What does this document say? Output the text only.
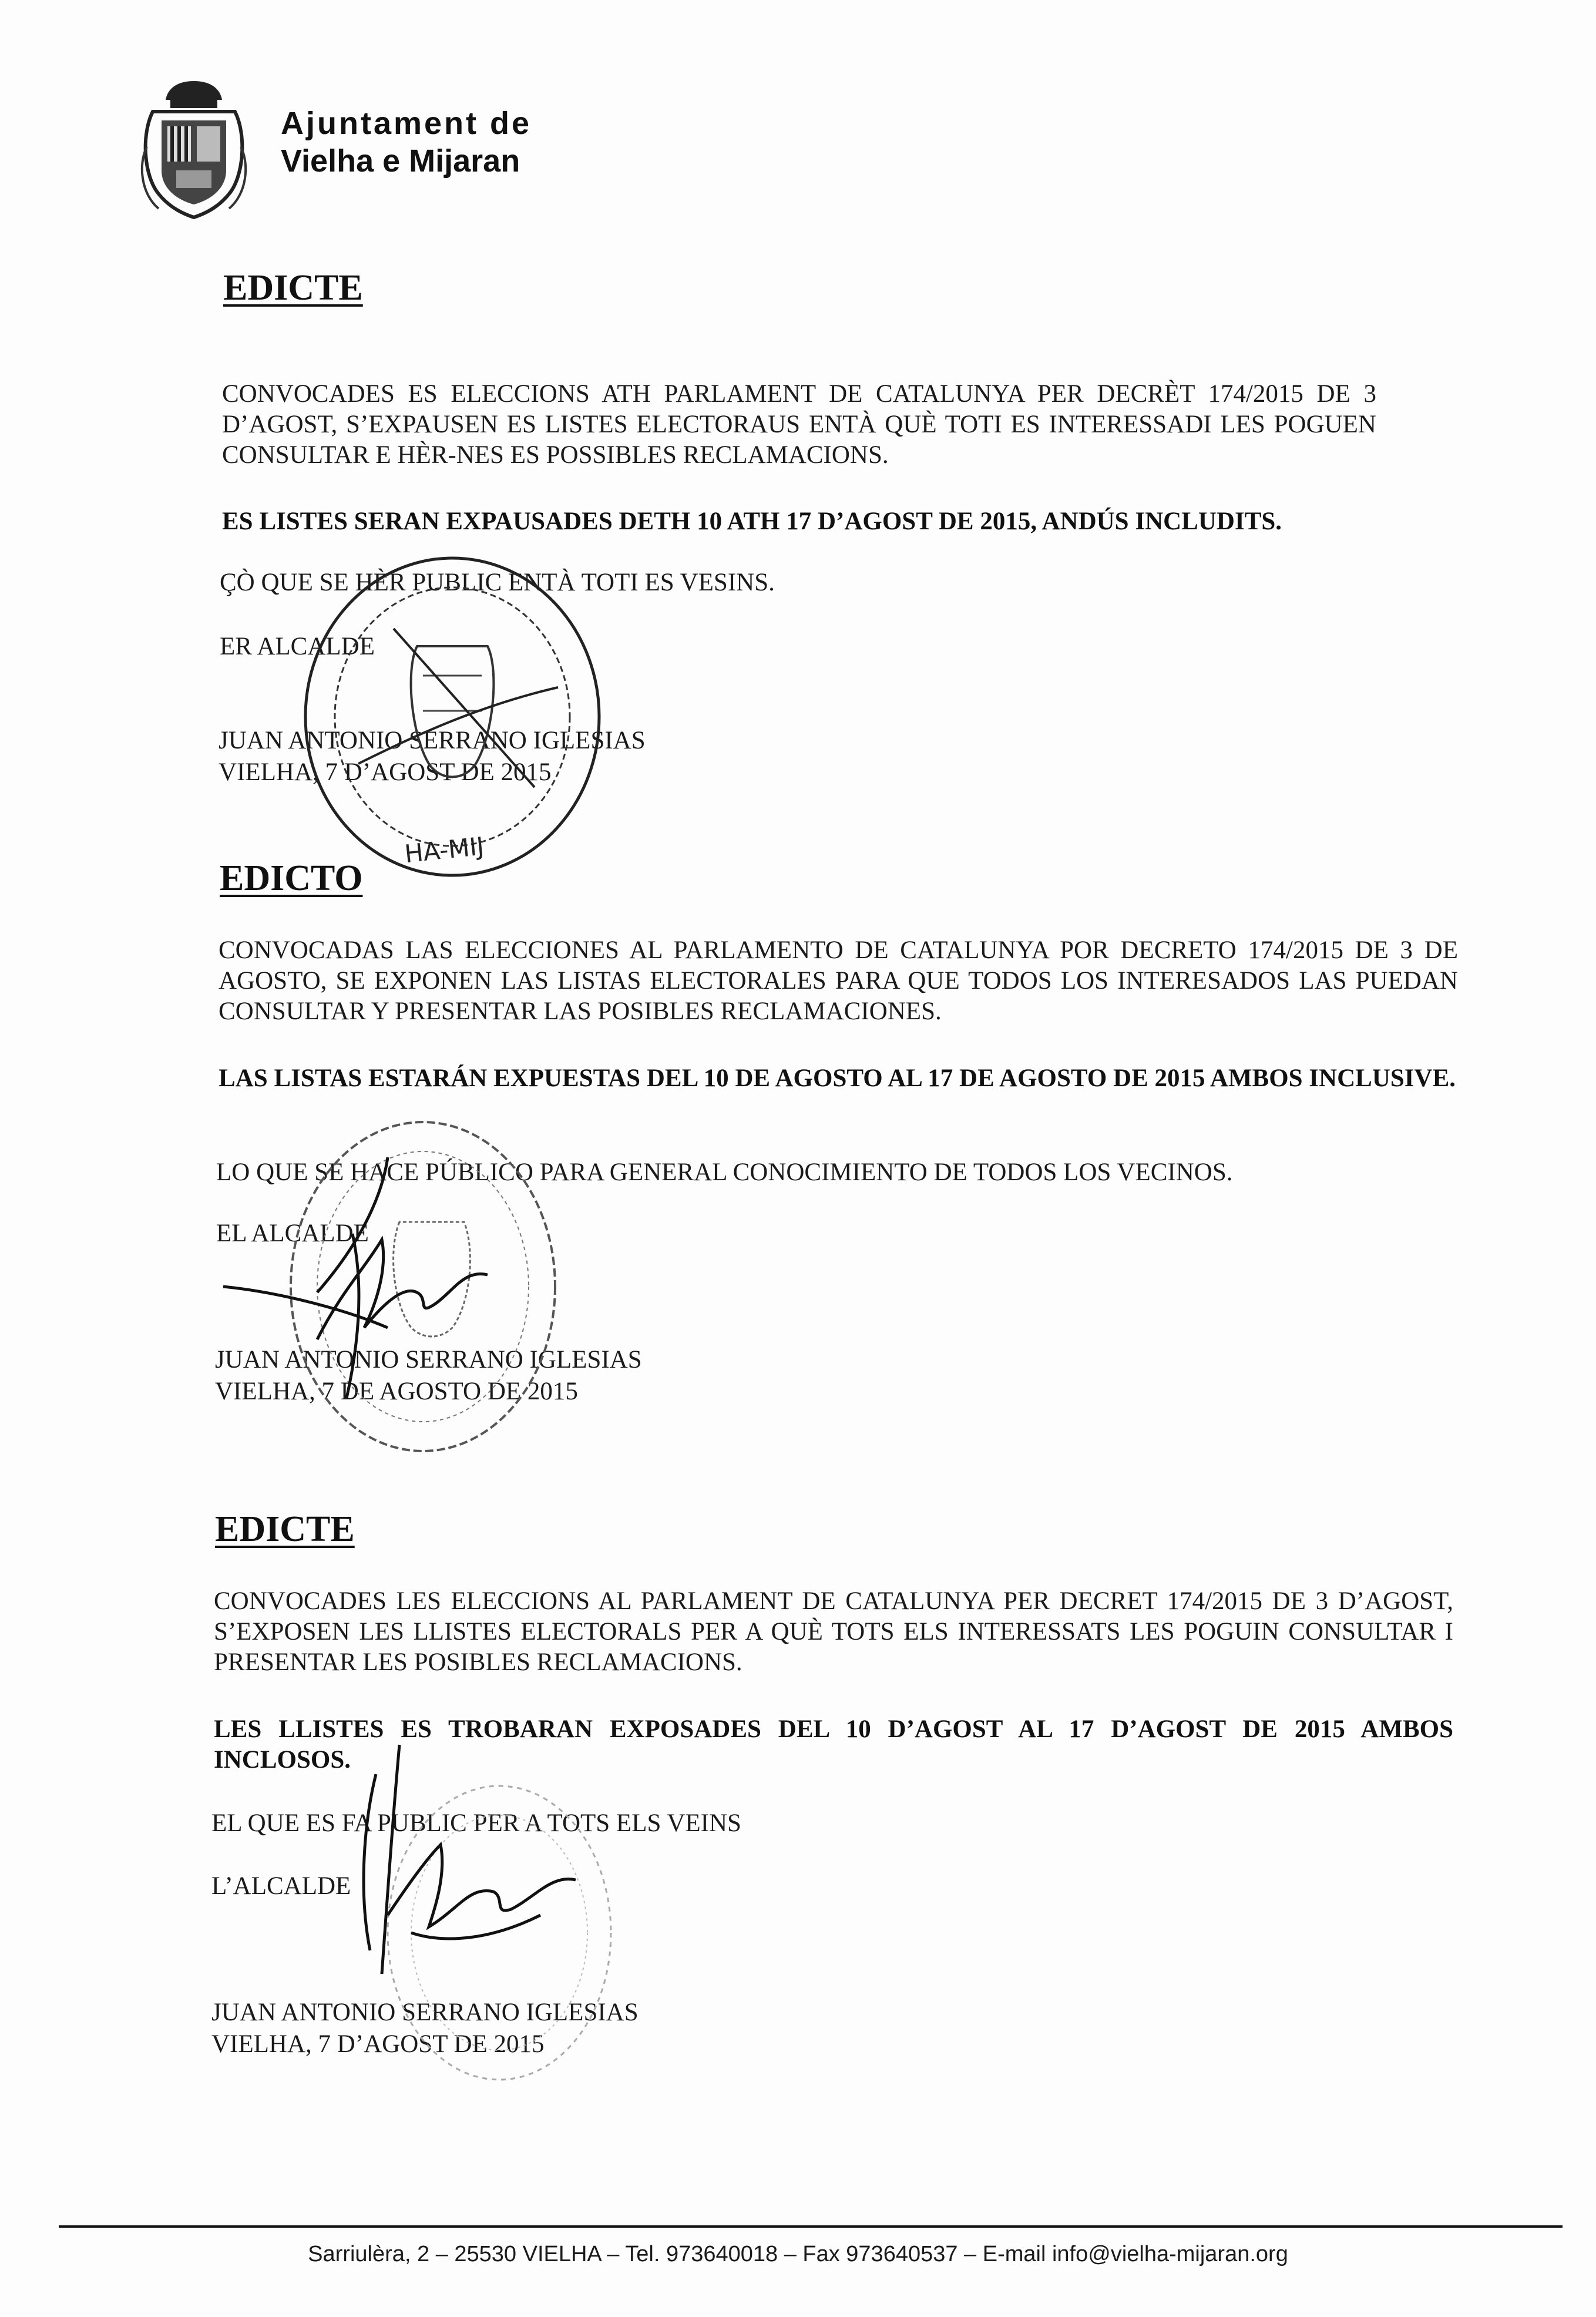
Ajuntament de
Vielha e Mijaran
EDICTE
CONVOCADES ES ELECCIONS ATH PARLAMENT DE CATALUNYA PER DECRÈT 174/2015 DE 3 D’AGOST, S’EXPAUSEN ES LISTES ELECTORAUS ENTÀ QUÈ TOTI ES INTERESSADI LES POGUEN CONSULTAR E HÈR-NES ES POSSIBLES RECLAMACIONS.
ES LISTES SERAN EXPAUSADES DETH 10 ATH 17 D’AGOST DE 2015, ANDÚS INCLUDITS.
ÇÒ QUE SE HÈR PUBLIC ENTÀ TOTI ES VESINS.
ER ALCALDE
JUAN ANTONIO SERRANO IGLESIAS
VIELHA, 7 D’AGOST DE 2015
HA-MIJ
EDICTO
CONVOCADAS LAS ELECCIONES AL PARLAMENTO DE CATALUNYA POR DECRETO 174/2015 DE 3 DE AGOSTO, SE EXPONEN LAS LISTAS ELECTORALES PARA QUE TODOS LOS INTERESADOS LAS PUEDAN CONSULTAR Y PRESENTAR LAS POSIBLES RECLAMACIONES.
LAS LISTAS ESTARÁN EXPUESTAS DEL 10 DE AGOSTO AL 17 DE AGOSTO DE 2015 AMBOS INCLUSIVE.
LO QUE SE HACE PÚBLICO PARA GENERAL CONOCIMIENTO DE TODOS LOS VECINOS.
EL ALCALDE
JUAN ANTONIO SERRANO IGLESIAS
VIELHA, 7 DE AGOSTO DE 2015
EDICTE
CONVOCADES LES ELECCIONS AL PARLAMENT DE CATALUNYA PER DECRET 174/2015 DE 3 D’AGOST, S’EXPOSEN LES LLISTES ELECTORALS PER A QUÈ TOTS ELS INTERESSATS LES POGUIN CONSULTAR I PRESENTAR LES POSIBLES RECLAMACIONS.
LES LLISTES ES TROBARAN EXPOSADES DEL 10 D’AGOST AL 17 D’AGOST DE 2015 AMBOS INCLOSOS.
EL QUE ES FA PUBLIC PER A TOTS ELS VEINS
L’ALCALDE
JUAN ANTONIO SERRANO IGLESIAS
VIELHA, 7 D’AGOST DE 2015
Sarriulèra, 2 – 25530 VIELHA – Tel. 973640018 – Fax 973640537 – E-mail info@vielha-mijaran.org
